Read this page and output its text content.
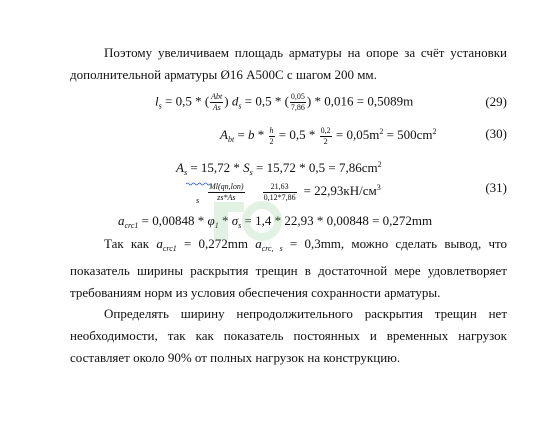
Поэтому увеличиваем площадь арматуры на опоре за счёт установки дополнительной арматуры Ø16 А500С с шагом 200 мм.
$l_s = 0,5$ * ( $\frac{\text{Abt}}{As}$ ) $d_s = 0,5$ * ( $\frac{0,05}{7,86}$ ) * 0,016 = 0,5089m	(29)
$A_{bt} = b * \frac{h}{2} = 0,5 * \frac{0,2}{2} = 0,05m^2 = 500cm^2$	(30)
$A_s = 15,72 * S_s = 15,72 * 0,5 = 7,86cm^2$
$_s \frac{\text{Ml(qn,lon)}}{zs*As} \frac{21,63}{0,12*7,86} = 22,93кН/см^3$	(31)
$a_{crc1} = 0,00848 * \varphi_1 * \sigma_s = 1,4 * 22,93 * 0,00848 = 0,272mm$
Так как $a_{crc1} = 0,272mm$ $a_{crc, s} = 0,3mm$, можно сделать вывод, что показатель ширины раскрытия трещин в достаточной мере удовлетворяет требованиям норм из условия обеспечения сохранности арматуры.
Определять ширину непродолжительного раскрытия трещин нет необходимости, так как показатель постоянных и временных нагрузок составляет около 90% от полных нагрузок на конструкцию.
